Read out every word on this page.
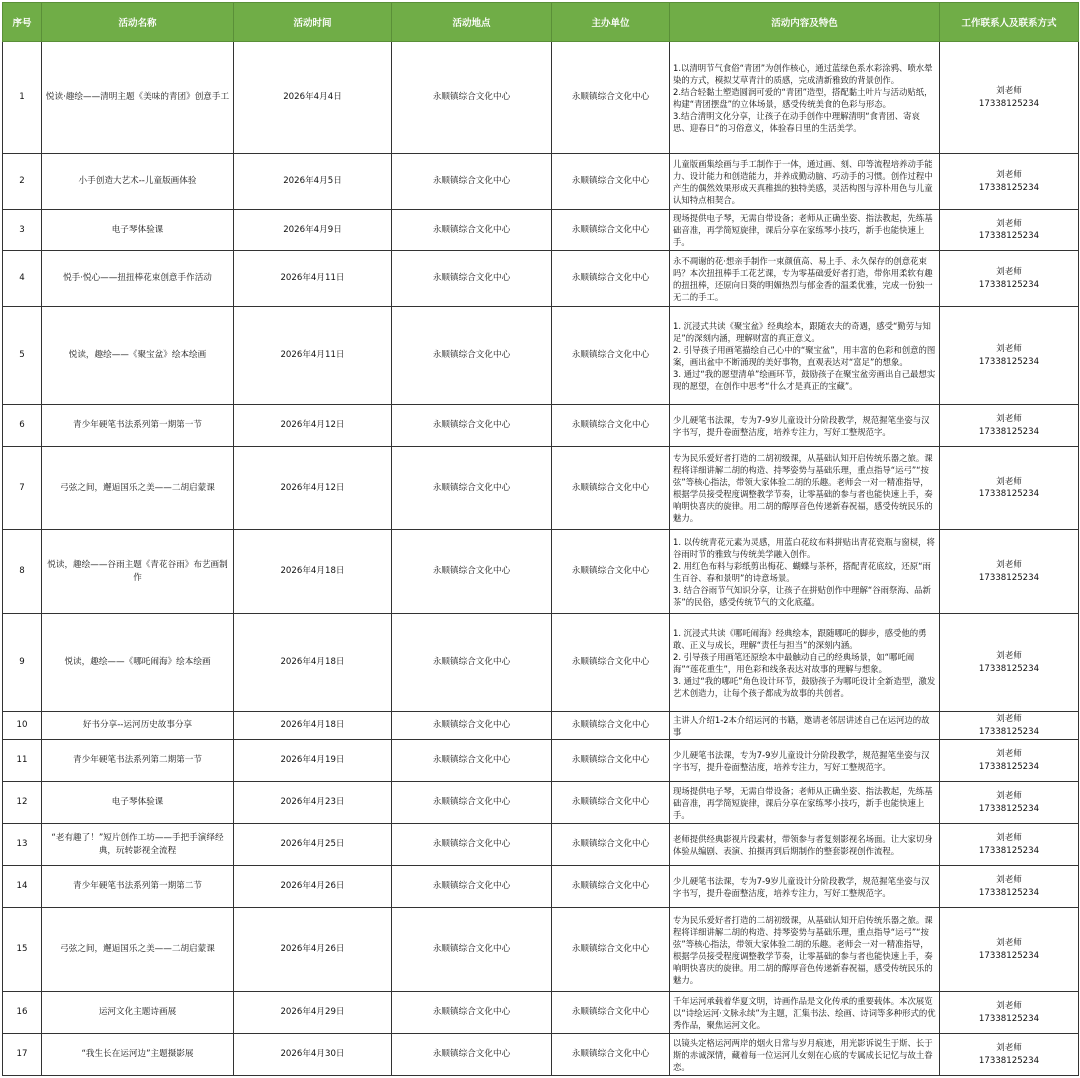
序号	活动名称	活动时间	活动地点	主办单位	活动内容及特色	工作联系人及联系方式
1	悦读·趣绘——清明主题《美味的青团》创意手工	2026年4月4日	永顺镇综合文化中心	永顺镇综合文化中心	1.以清明节气食俗“青团”为创作核心，通过蓝绿色系水彩涂鸦、喷水晕染的方式，模拟艾草青汁的质感，完成清新雅致的背景创作。
2.结合轻黏土塑造圆润可爱的“青团”造型，搭配黏土叶片与活动贴纸，构建“青团摆盘”的立体场景，感受传统美食的色彩与形态。
3.结合清明文化分享，让孩子在动手创作中理解清明“食青团、寄哀思、迎春日”的习俗意义，体验春日里的生活美学。	刘老师
17338125234
2	小手创造大艺术--儿童版画体验	2026年4月5日	永顺镇综合文化中心	永顺镇综合文化中心	儿童版画集绘画与手工制作于一体，通过画、刻、印等流程培养动手能力、设计能力和创造能力，并养成勤动脑、巧动手的习惯。创作过程中产生的偶然效果形成天真稚拙的独特美感，灵活构图与淳朴用色与儿童认知特点相契合。	刘老师
17338125234
3	电子琴体验课	2026年4月9日	永顺镇综合文化中心	永顺镇综合文化中心	现场提供电子琴，无需自带设备；老师从正确坐姿、指法教起，先练基础音准，再学简短旋律，课后分享在家练琴小技巧，新手也能快速上手。	刘老师
17338125234
4	悦手·悦心——扭扭棒花束创意手作活动	2026年4月11日	永顺镇综合文化中心	永顺镇综合文化中心	永不凋谢的花·想亲手制作一束颜值高、易上手、永久保存的创意花束吗？本次扭扭棒手工花艺课，专为零基础爱好者打造，带你用柔软有趣的扭扭棒，还原向日葵的明媚热烈与郁金香的温柔优雅，完成一份独一无二的手工。	刘老师
17338125234
5	悦读，趣绘——《聚宝盆》绘本绘画	2026年4月11日	永顺镇综合文化中心	永顺镇综合文化中心	1. 沉浸式共读《聚宝盆》经典绘本，跟随农夫的奇遇，感受“勤劳与知足”的深刻内涵，理解财富的真正意义。
2. 引导孩子用画笔描绘自己心中的“聚宝盆”，用丰富的色彩和创意的图案，画出盆中不断涌现的美好事物，直观表达对“富足”的想象。
3. 通过“我的愿望清单”绘画环节，鼓励孩子在聚宝盆旁画出自己最想实现的愿望，在创作中思考“什么才是真正的宝藏”。	刘老师
17338125234
6	青少年硬笔书法系列第一期第一节	2026年4月12日	永顺镇综合文化中心	永顺镇综合文化中心	少儿硬笔书法课，专为7-9岁儿童设计分阶段教学，规范握笔坐姿与汉字书写，提升卷面整洁度，培养专注力，写好工整规范字。	刘老师
17338125234
7	弓弦之间，邂逅国乐之美——二胡启蒙课	2026年4月12日	永顺镇综合文化中心	永顺镇综合文化中心	专为民乐爱好者打造的二胡初级课，从基础认知开启传统乐器之旅。课程将详细讲解二胡的构造、持琴姿势与基础乐理，重点指导“运弓”“按弦”等核心指法，带领大家体验二胡的乐趣。老师会一对一精准指导，根据学员接受程度调整教学节奏，让零基础的参与者也能快速上手，奏响明快喜庆的旋律。用二胡的醇厚音色传递新春祝福，感受传统民乐的魅力。	刘老师
17338125234
8	悦读，趣绘——谷雨主题《青花谷雨》布艺画制作	2026年4月18日	永顺镇综合文化中心	永顺镇综合文化中心	1. 以传统青花元素为灵感，用蓝白花纹布料拼贴出青花瓷瓶与窗棂，将谷雨时节的雅致与传统美学融入创作。
2. 用红色布料与彩纸剪出梅花、蝴蝶与茶杯，搭配青花底纹，还原“雨生百谷、春和景明”的诗意场景。
3. 结合谷雨节气知识分享，让孩子在拼贴创作中理解“谷雨祭海、品新茶”的民俗，感受传统节气的文化底蕴。	刘老师
17338125234
9	悦读，趣绘——《哪吒闹海》绘本绘画	2026年4月18日	永顺镇综合文化中心	永顺镇综合文化中心	1. 沉浸式共读《哪吒闹海》经典绘本，跟随哪吒的脚步，感受他的勇敢、正义与成长，理解“责任与担当”的深刻内涵。
2. 引导孩子用画笔还原绘本中最触动自己的经典场景，如“哪吒闹海”“莲花重生”，用色彩和线条表达对故事的理解与想象。
3. 通过“我的哪吒”角色设计环节，鼓励孩子为哪吒设计全新造型，激发艺术创造力，让每个孩子都成为故事的共创者。	刘老师
17338125234
10	好书分享--运河历史故事分享	2026年4月18日	永顺镇综合文化中心	永顺镇综合文化中心	主讲人介绍1-2本介绍运河的书籍，邀请老邻居讲述自己在运河边的故事	刘老师
17338125234
11	青少年硬笔书法系列第二期第一节	2026年4月19日	永顺镇综合文化中心	永顺镇综合文化中心	少儿硬笔书法课，专为7-9岁儿童设计分阶段教学，规范握笔坐姿与汉字书写，提升卷面整洁度，培养专注力，写好工整规范字。	刘老师
17338125234
12	电子琴体验课	2026年4月23日	永顺镇综合文化中心	永顺镇综合文化中心	现场提供电子琴，无需自带设备；老师从正确坐姿、指法教起，先练基础音准，再学简短旋律，课后分享在家练琴小技巧，新手也能快速上手。	刘老师
17338125234
13	“老有趣了！”短片创作工坊——手把手演绎经典，玩转影视全流程	2026年4月25日	永顺镇综合文化中心	永顺镇综合文化中心	老师提供经典影视片段素材，带领参与者复刻影视名场面。让大家切身体验从编剧、表演、拍摄再到后期制作的整套影视创作流程。	刘老师
17338125234
14	青少年硬笔书法系列第一期第二节	2026年4月26日	永顺镇综合文化中心	永顺镇综合文化中心	少儿硬笔书法课，专为7-9岁儿童设计分阶段教学，规范握笔坐姿与汉字书写，提升卷面整洁度，培养专注力，写好工整规范字。	刘老师
17338125234
15	弓弦之间，邂逅国乐之美——二胡启蒙课	2026年4月26日	永顺镇综合文化中心	永顺镇综合文化中心	专为民乐爱好者打造的二胡初级课，从基础认知开启传统乐器之旅。课程将详细讲解二胡的构造、持琴姿势与基础乐理，重点指导“运弓”“按弦”等核心指法，带领大家体验二胡的乐趣。老师会一对一精准指导，根据学员接受程度调整教学节奏，让零基础的参与者也能快速上手，奏响明快喜庆的旋律。用二胡的醇厚音色传递新春祝福，感受传统民乐的魅力。	刘老师
17338125234
16	运河文化主题诗画展	2026年4月29日	永顺镇综合文化中心	永顺镇综合文化中心	千年运河承载着华夏文明，诗画作品是文化传承的重要载体。本次展览以“诗绘运河·文脉永续”为主题，汇集书法、绘画、诗词等多种形式的优秀作品，聚焦运河文化。	刘老师
17338125234
17	“我生长在运河边”主题摄影展	2026年4月30日	永顺镇综合文化中心	永顺镇综合文化中心	以镜头定格运河两岸的烟火日常与岁月痕迹，用光影诉说生于斯、长于斯的赤诚深情，藏着每一位运河儿女刻在心底的专属成长记忆与故土眷恋。	刘老师
17338125234
